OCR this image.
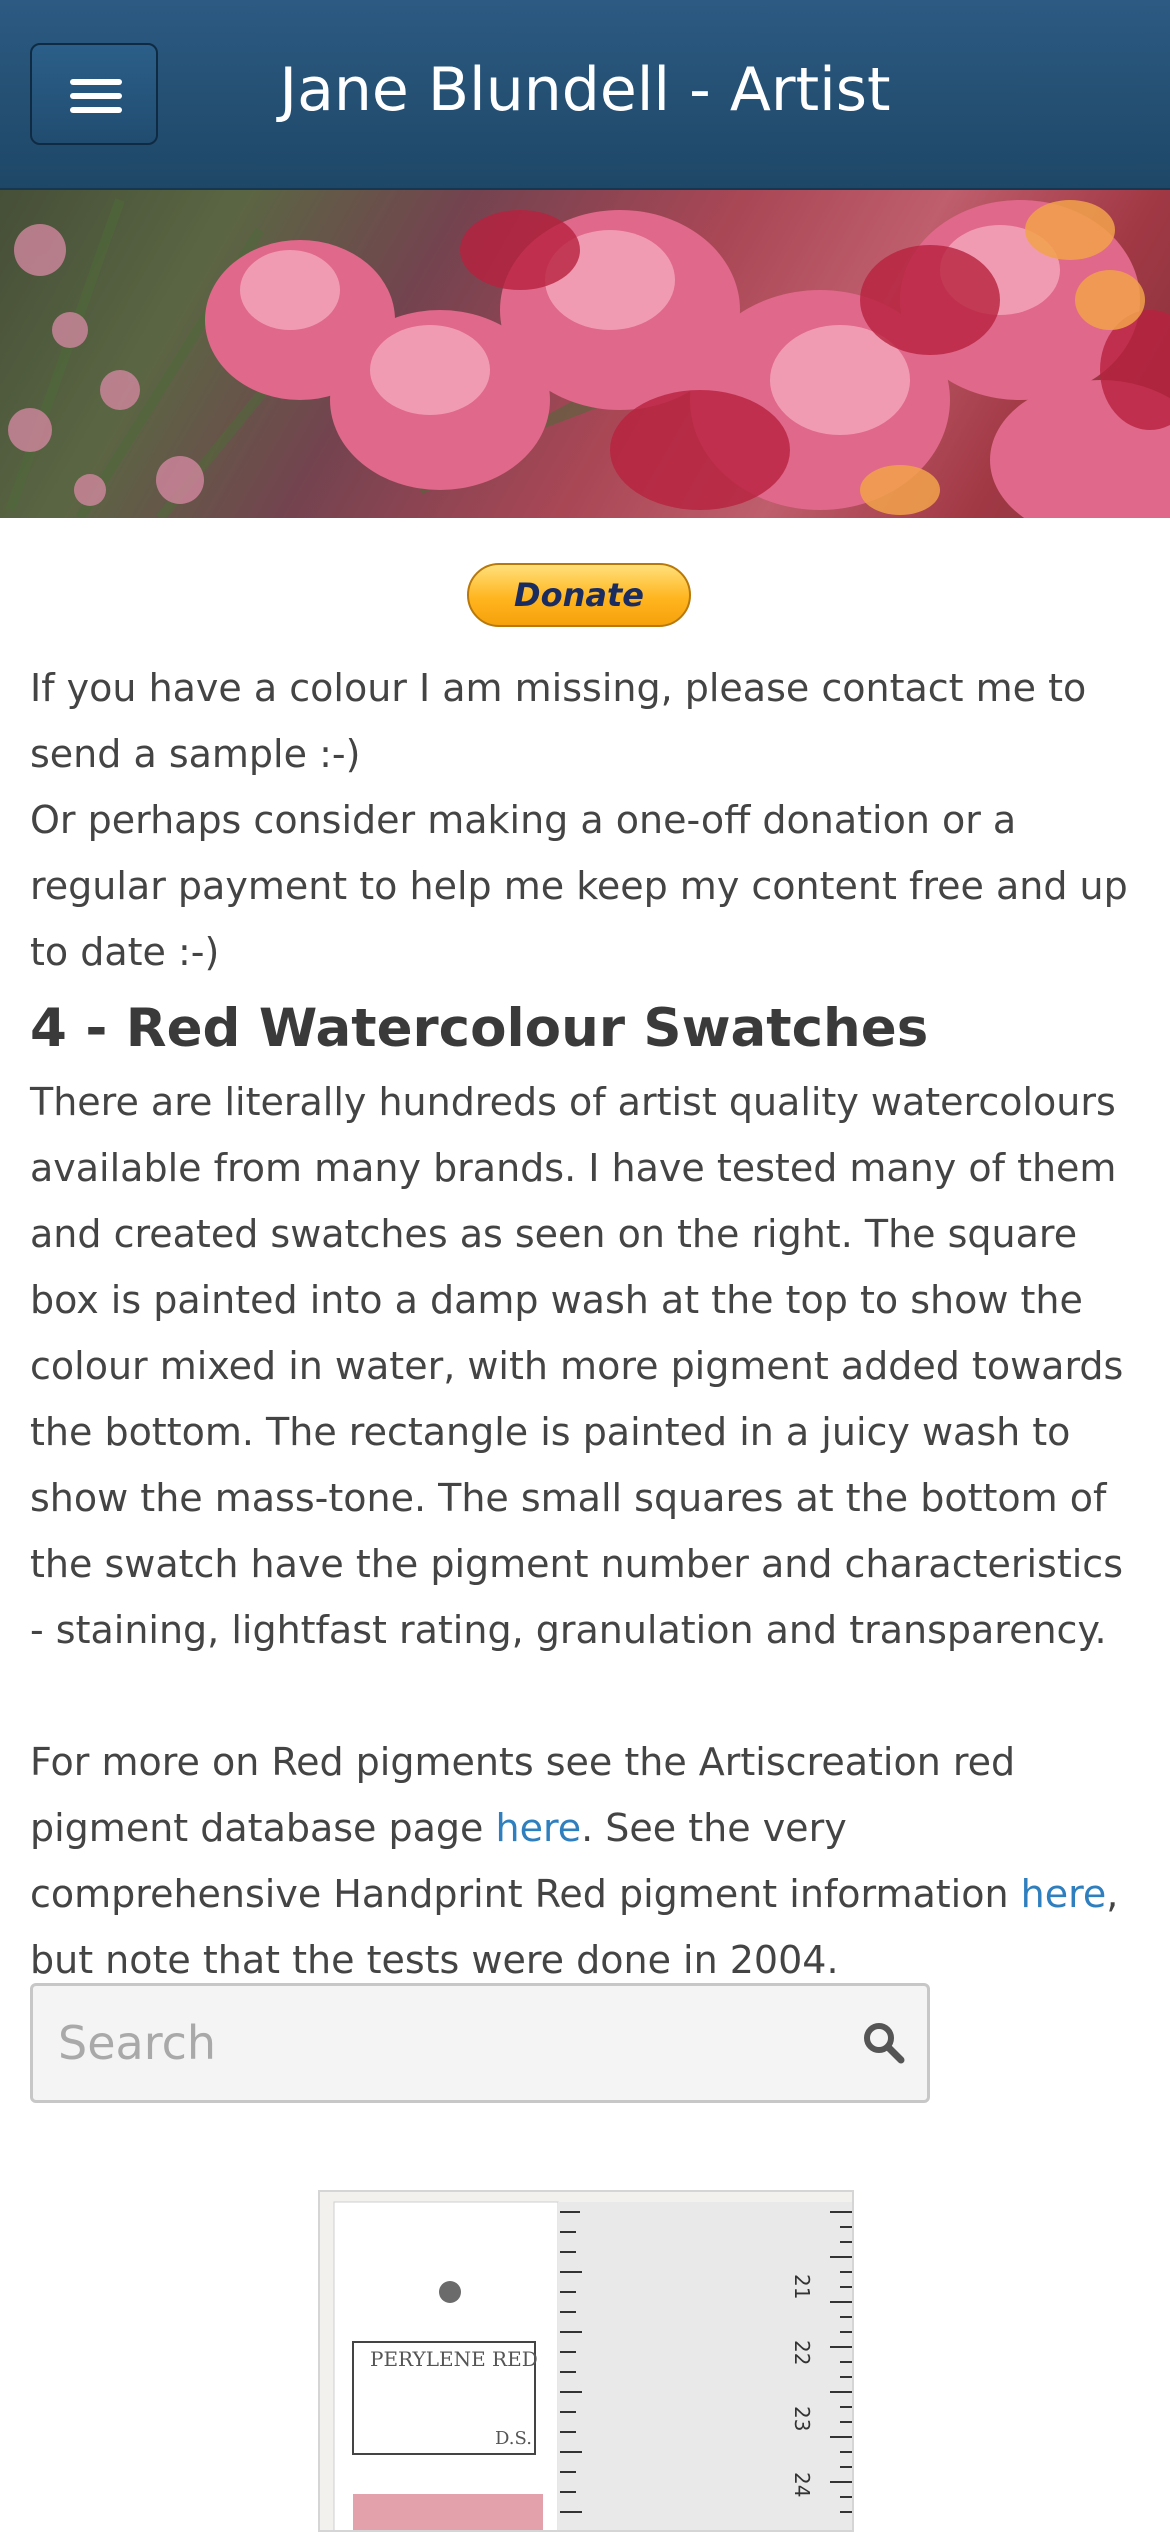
Jane Blundell - Artist
Donate

If you have a colour I am missing, please contact me to send a sample :-)

Or perhaps consider making a one-off donation or a regular payment to help me keep my content free and up to date :-)

4 - Red Watercolour Swatches

There are literally hundreds of artist quality watercolours available from many brands. I have tested many of them and created swatches as seen on the right. The square box is painted into a damp wash at the top to show the colour mixed in water, with more pigment added towards the bottom. The rectangle is painted in a juicy wash to show the mass-tone. The small squares at the bottom of the swatch have the pigment number and characteristics - staining, lightfast rating, granulation and transparency.

For more on Red pigments see the Artiscreation red pigment database page here. See the very comprehensive Handprint Red pigment information here, but note that the tests were done in 2004.

Search
21
22
23
24
PERYLENE RED
D.S.
